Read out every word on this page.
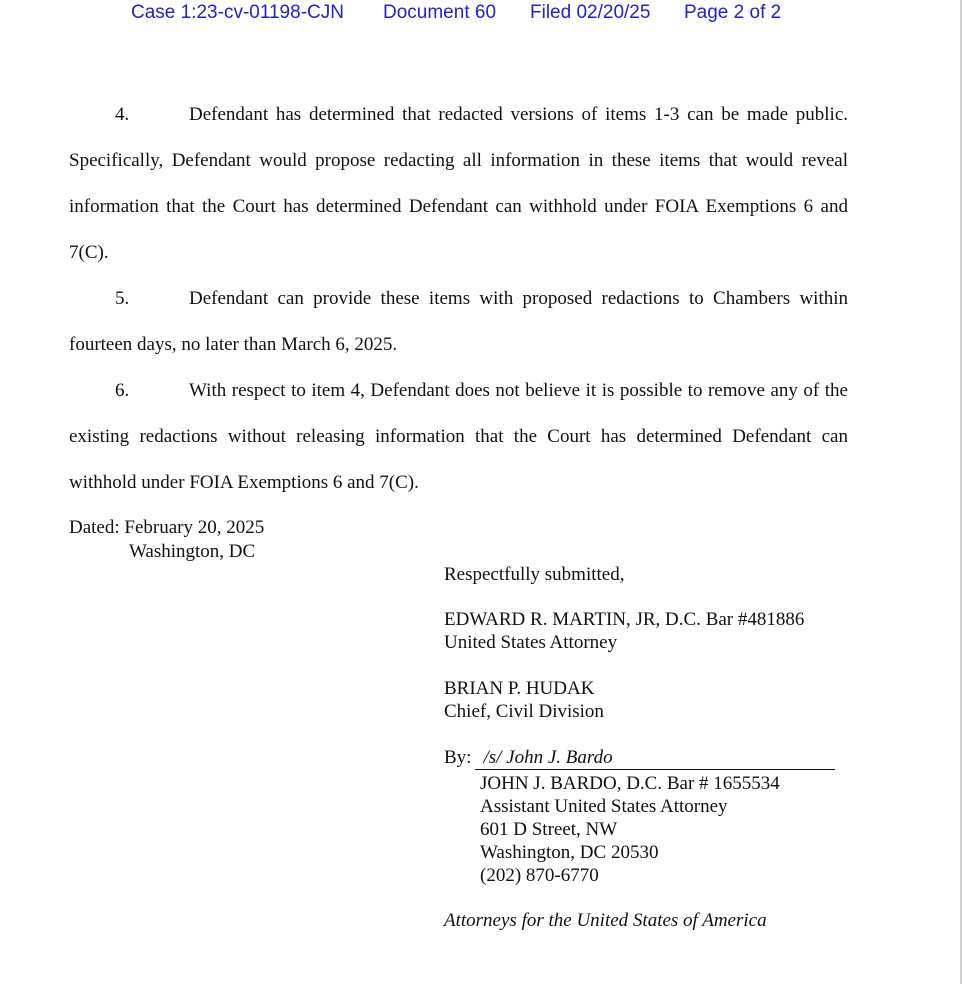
Case 1:23-cv-01198-CJN Document 60 Filed 02/20/25 Page 2 of 2

4.	Defendant has determined that redacted versions of items 1-3 can be made public. Specifically, Defendant would propose redacting all information in these items that would reveal information that the Court has determined Defendant can withhold under FOIA Exemptions 6 and 7(C).

5.	Defendant can provide these items with proposed redactions to Chambers within fourteen days, no later than March 6, 2025.

6.	With respect to item 4, Defendant does not believe it is possible to remove any of the existing redactions without releasing information that the Court has determined Defendant can withhold under FOIA Exemptions 6 and 7(C).

Dated: February 20, 2025
Washington, DC
Respectfully submitted,
EDWARD R. MARTIN, JR, D.C. Bar #481886
United States Attorney
BRIAN P. HUDAK
Chief, Civil Division
By: /s/ John J. Bardo
JOHN J. BARDO, D.C. Bar # 1655534
Assistant United States Attorney
601 D Street, NW
Washington, DC 20530
(202) 870-6770
Attorneys for the United States of America
